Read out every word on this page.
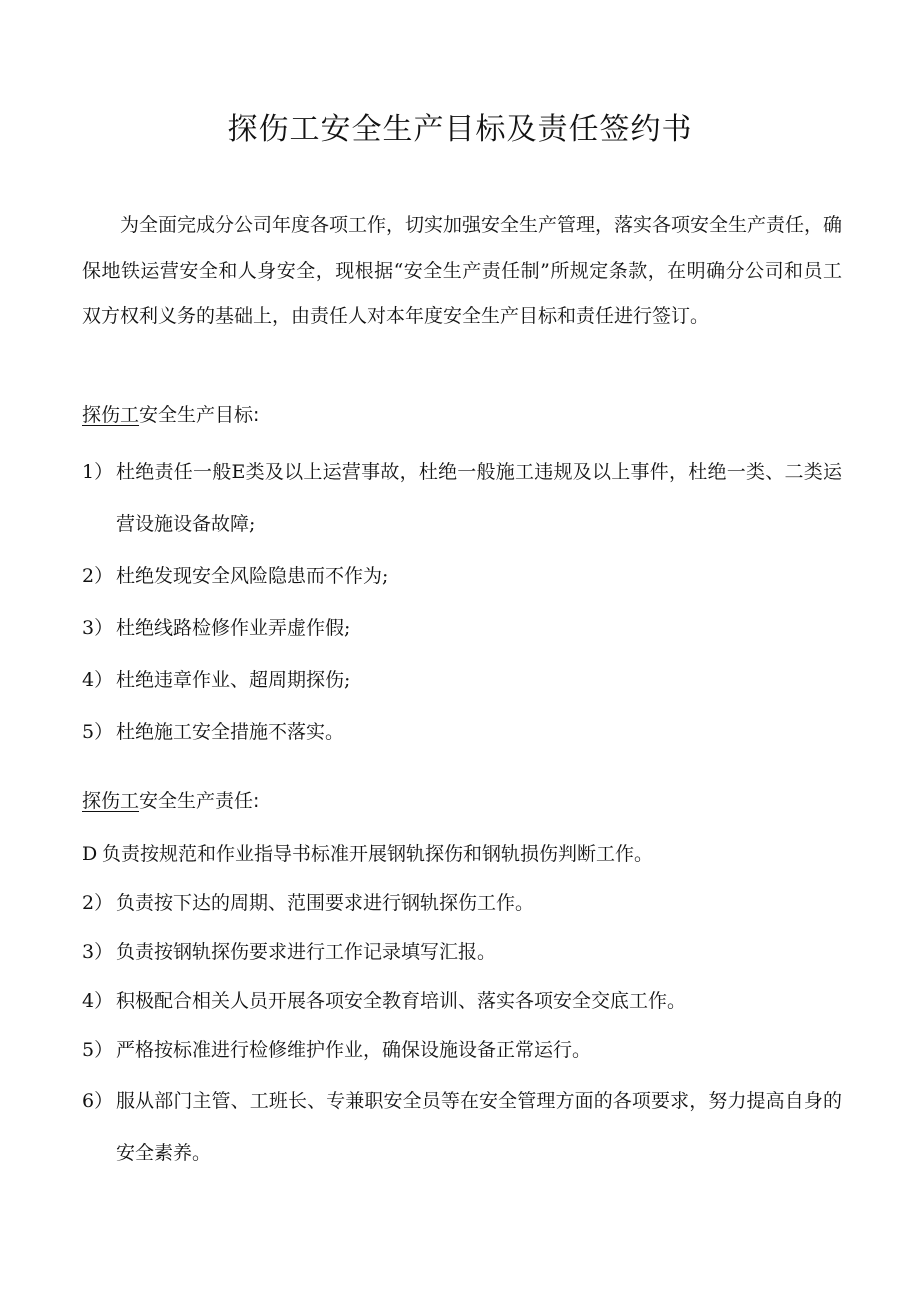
探伤工安全生产目标及责任签约书

为全面完成分公司年度各项工作，切实加强安全生产管理，落实各项安全生产责任，确保地铁运营安全和人身安全，现根据“安全生产责任制”所规定条款，在明确分公司和员工双方权利义务的基础上，由责任人对本年度安全生产目标和责任进行签订。

探伤工安全生产目标:

1） 杜绝责任一般E类及以上运营事故，杜绝一般施工违规及以上事件，杜绝一类、二类运营设施设备故障;
2） 杜绝发现安全风险隐患而不作为;
3） 杜绝线路检修作业弄虚作假;
4） 杜绝违章作业、超周期探伤;
5） 杜绝施工安全措施不落实。

探伤工安全生产责任:

D 负责按规范和作业指导书标准开展钢轨探伤和钢轨损伤判断工作。
2） 负责按下达的周期、范围要求进行钢轨探伤工作。
3） 负责按钢轨探伤要求进行工作记录填写汇报。
4） 积极配合相关人员开展各项安全教育培训、落实各项安全交底工作。
5） 严格按标准进行检修维护作业，确保设施设备正常运行。
6） 服从部门主管、工班长、专兼职安全员等在安全管理方面的各项要求，努力提高自身的安全素养。
